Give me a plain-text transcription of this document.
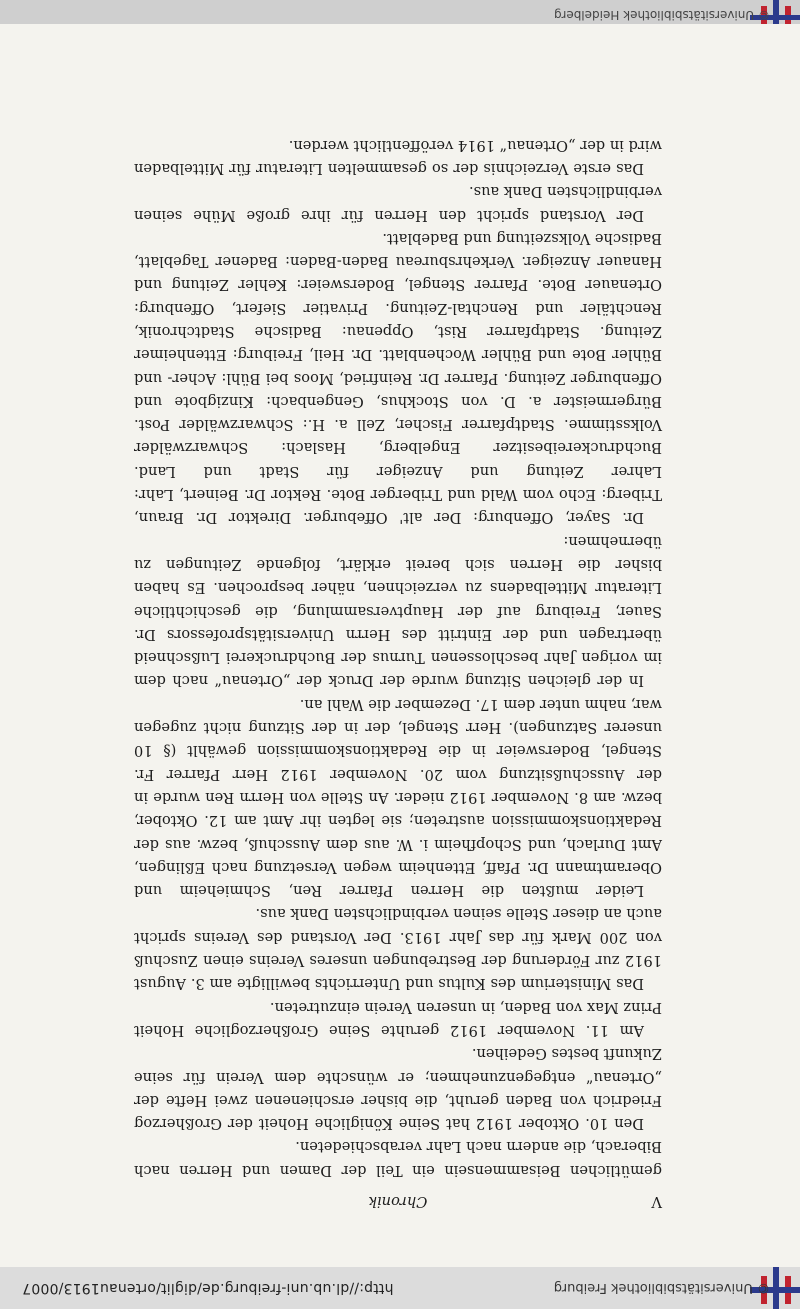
© Universitätsbibliothek Freiburg
http://dl.ub.uni-freiburg.de/diglit/ortenau1913/0007
V
Chronik

gemütlichen Beisammensein ein Teil der Damen und Herren nach Biberach, die andern nach Lahr verabschiedeten.

Den 10. Oktober 1912 hat Seine Königliche Hoheit der Großherzog Friedrich von Baden geruht, die bisher erschienenen zwei Hefte der „Ortenau“ entgegenzunehmen; er wünschte dem Verein für seine Zukunft bestes Gedeihen.

Am 11. November 1912 geruhte Seine Großherzogliche Hoheit Prinz Max von Baden, in unseren Verein einzutreten.

Das Ministerium des Kultus und Unterrichts bewilligte am 3. August 1912 zur Förderung der Bestrebungen unseres Vereins einen Zuschuß von 200 Mark für das Jahr 1913. Der Vorstand des Vereins spricht auch an dieser Stelle seinen verbindlichsten Dank aus.

Leider mußten die Herren Pfarrer Ren, Schmieheim und Oberamtmann Dr. Pfaff, Ettenheim wegen Versetzung nach Eßlingen, Amt Durlach, und Schopfheim i. W. aus dem Ausschuß, bezw. aus der Redaktionskommission austreten; sie legten ihr Amt am 12. Oktober, bezw. am 8. November 1912 nieder. An Stelle von Herrn Ren wurde in der Ausschußsitzung vom 20. November 1912 Herr Pfarrer Fr. Stengel, Bodersweier in die Redaktionskommission gewählt (§ 10 unserer Satzungen). Herr Stengel, der in der Sitzung nicht zugegen war, nahm unter dem 17. Dezember die Wahl an.

In der gleichen Sitzung wurde der Druck der „Ortenau“ nach dem im vorigen Jahr beschlossenen Turnus der Buchdruckerei Lußschneid übertragen und der Eintritt des Herrn Universitätsprofessors Dr. Sauer, Freiburg auf der Hauptversammlung, die geschichtliche Literatur Mittelbadens zu verzeichnen, näher besprochen. Es haben bisher die Herren sich bereit erklärt, folgende Zeitungen zu übernehmen:

Dr. Sayer, Offenburg: Der alt' Offeburger. Direktor Dr. Braun, Triberg: Echo vom Wald und Triberger Bote. Rektor Dr. Beinert, Lahr: Lahrer Zeitung und Anzeiger für Stadt und Land. Buchdruckereibesitzer Engelberg, Haslach: Schwarzwälder Volksstimme. Stadtpfarrer Fischer, Zell a. H.: Schwarzwälder Post. Bürgermeister a. D. von Stockhus, Gengenbach: Kinzigbote und Offenburger Zeitung. Pfarrer Dr. Reinfried, Moos bei Bühl: Acher- und Bühler Bote und Bühler Wochenblatt. Dr. Heil, Freiburg: Ettenheimer Zeitung. Stadtpfarrer Rist, Oppenau: Badische Stadtchronik, Renchtäler und Renchtal-Zeitung. Privatier Siefert, Offenburg: Ortenauer Bote. Pfarrer Stengel, Bodersweier: Kehler Zeitung und Hanauer Anzeiger. Verkehrsbureau Baden-Baden: Badener Tageblatt, Badische Volkszeitung und Badeblatt.

Der Vorstand spricht den Herren für ihre große Mühe seinen verbindlichsten Dank aus.

Das erste Verzeichnis der so gesammelten Literatur für Mittelbaden wird in der „Ortenau“ 1914 veröffentlicht werden.

© Universitätsbibliothek Heidelberg
